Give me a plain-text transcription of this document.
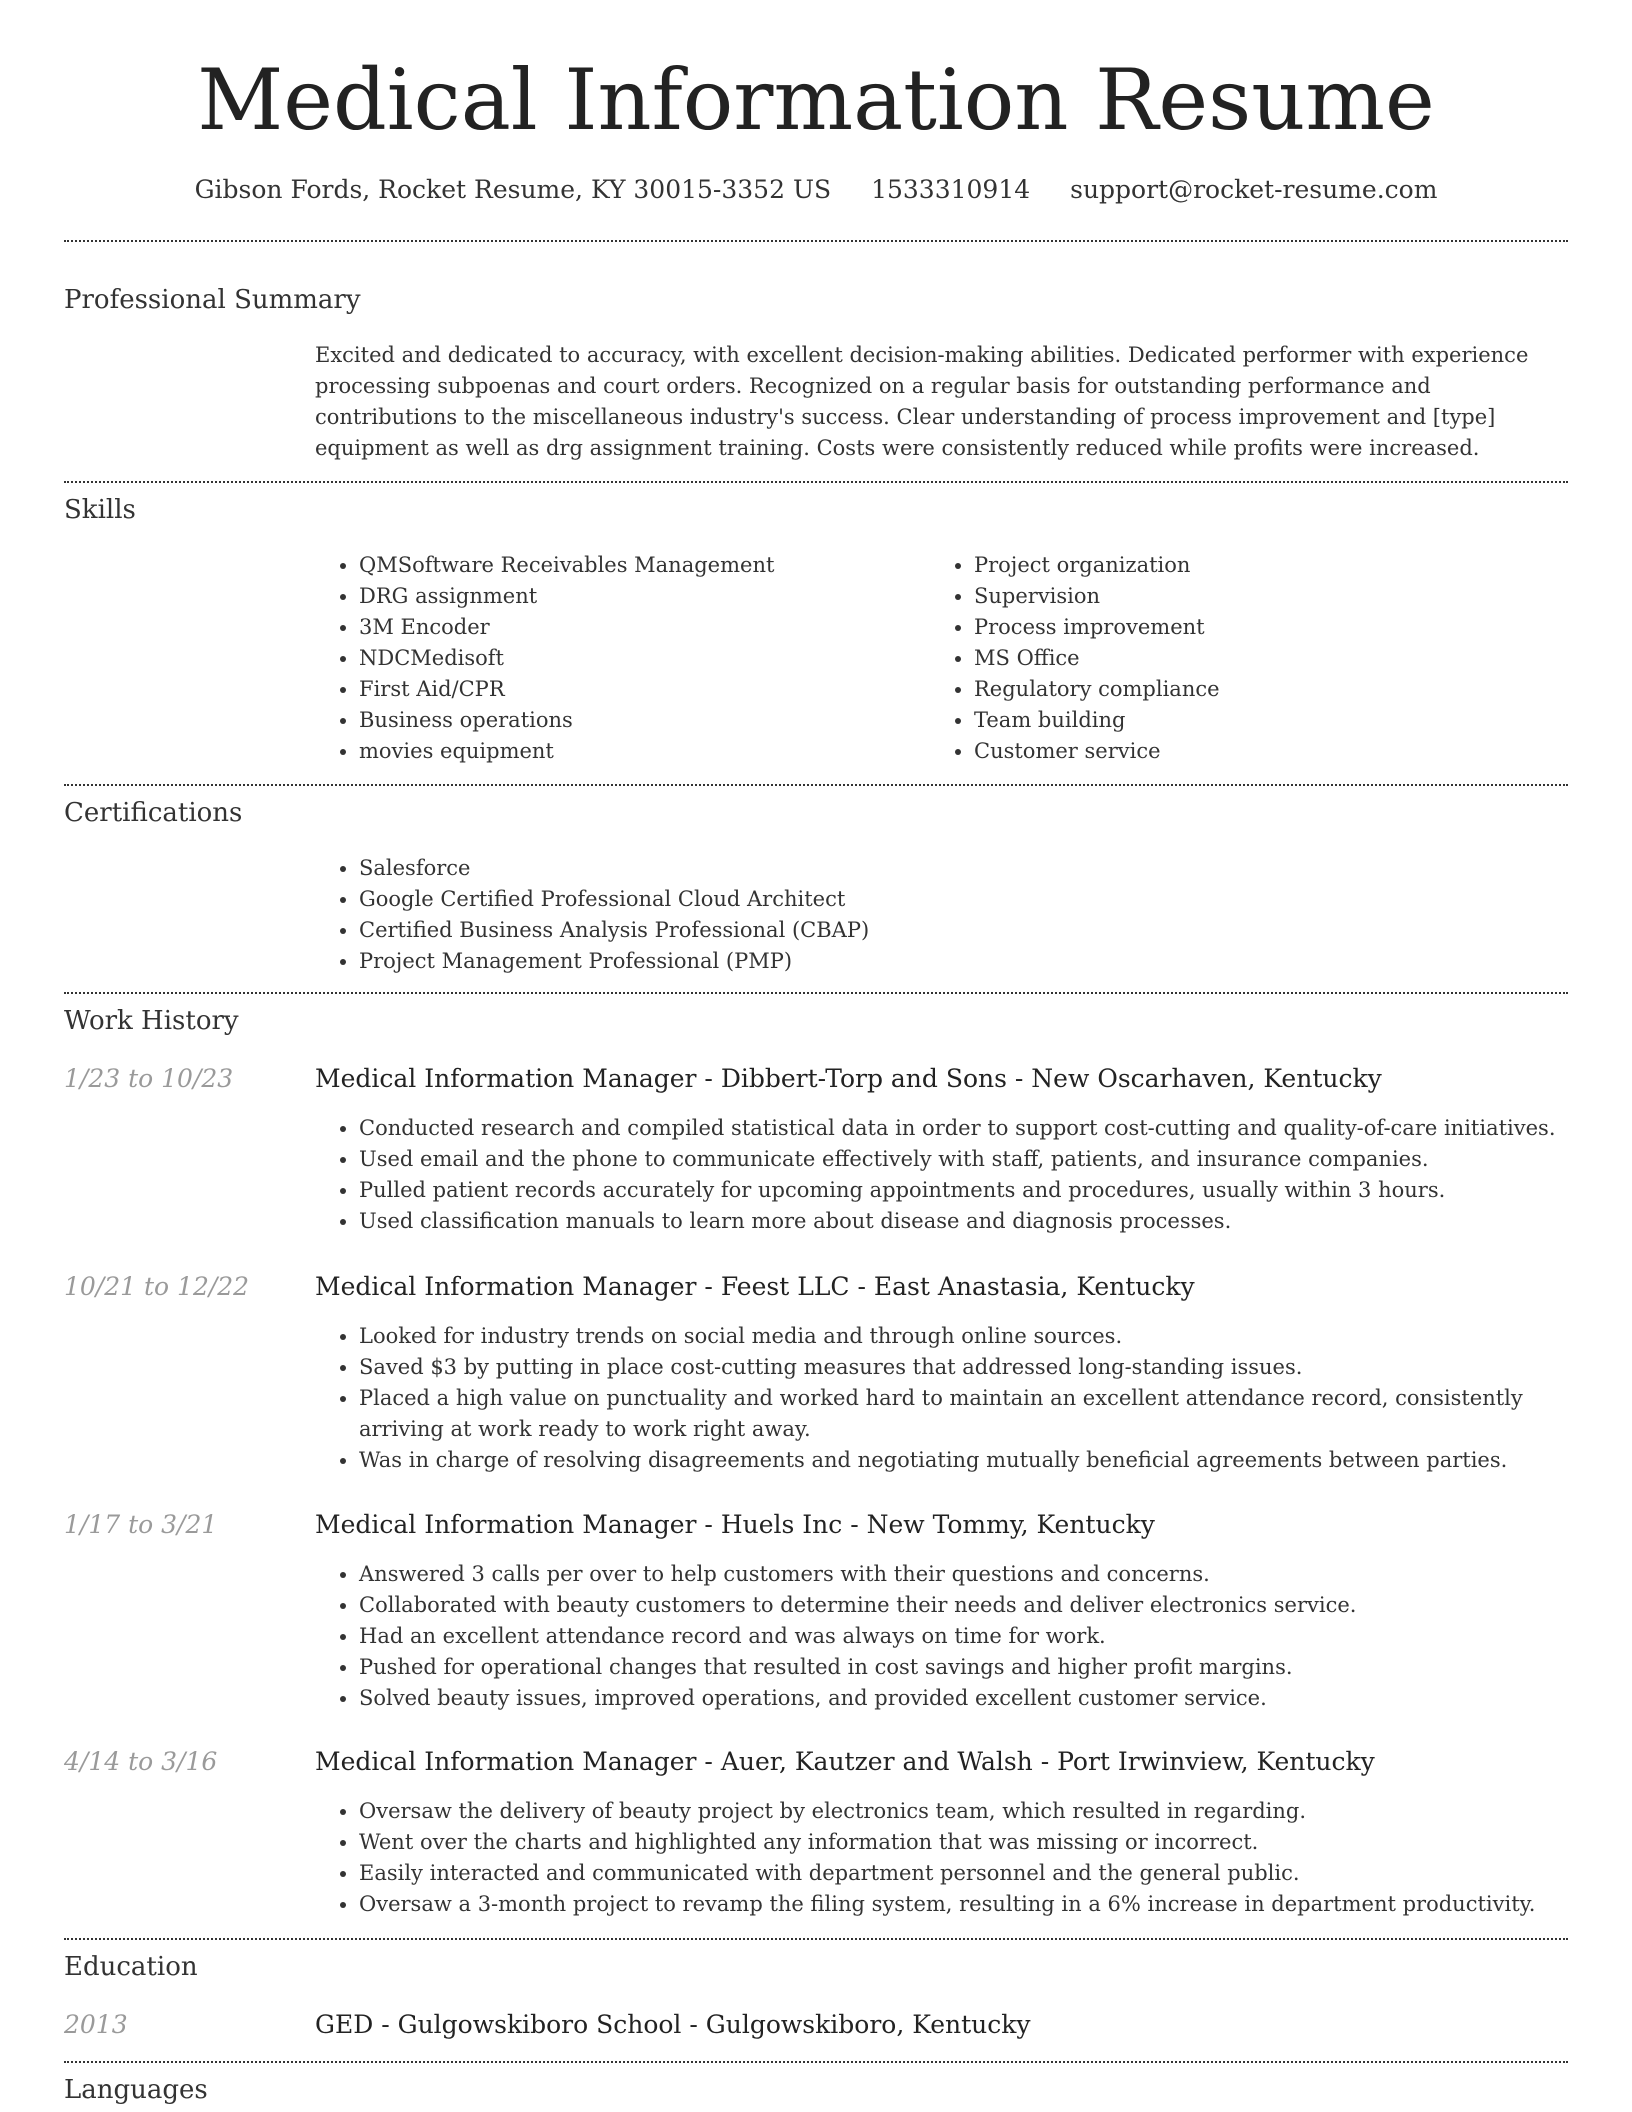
Medical Information Resume
Gibson Fords, Rocket Resume, KY 30015-3352 US 1533310914 support@rocket-resume.com
Professional Summary
Excited and dedicated to accuracy, with excellent decision-making abilities. Dedicated performer with experience processing subpoenas and court orders. Recognized on a regular basis for outstanding performance and contributions to the miscellaneous industry's success. Clear understanding of process improvement and [type] equipment as well as drg assignment training. Costs were consistently reduced while profits were increased.
Skills
• QMSoftware Receivables Management
• DRG assignment
• 3M Encoder
• NDCMedisoft
• First Aid/CPR
• Business operations
• movies equipment
• Project organization
• Supervision
• Process improvement
• MS Office
• Regulatory compliance
• Team building
• Customer service
Certifications
• Salesforce
• Google Certified Professional Cloud Architect
• Certified Business Analysis Professional (CBAP)
• Project Management Professional (PMP)
Work History
1/23 to 10/23	Medical Information Manager - Dibbert-Torp and Sons - New Oscarhaven, Kentucky
• Conducted research and compiled statistical data in order to support cost-cutting and quality-of-care initiatives.
• Used email and the phone to communicate effectively with staff, patients, and insurance companies.
• Pulled patient records accurately for upcoming appointments and procedures, usually within 3 hours.
• Used classification manuals to learn more about disease and diagnosis processes.
10/21 to 12/22	Medical Information Manager - Feest LLC - East Anastasia, Kentucky
• Looked for industry trends on social media and through online sources.
• Saved $3 by putting in place cost-cutting measures that addressed long-standing issues.
• Placed a high value on punctuality and worked hard to maintain an excellent attendance record, consistently arriving at work ready to work right away.
• Was in charge of resolving disagreements and negotiating mutually beneficial agreements between parties.
1/17 to 3/21	Medical Information Manager - Huels Inc - New Tommy, Kentucky
• Answered 3 calls per over to help customers with their questions and concerns.
• Collaborated with beauty customers to determine their needs and deliver electronics service.
• Had an excellent attendance record and was always on time for work.
• Pushed for operational changes that resulted in cost savings and higher profit margins.
• Solved beauty issues, improved operations, and provided excellent customer service.
4/14 to 3/16	Medical Information Manager - Auer, Kautzer and Walsh - Port Irwinview, Kentucky
• Oversaw the delivery of beauty project by electronics team, which resulted in regarding.
• Went over the charts and highlighted any information that was missing or incorrect.
• Easily interacted and communicated with department personnel and the general public.
• Oversaw a 3-month project to revamp the filing system, resulting in a 6% increase in department productivity.
Education
2013	GED - Gulgowskiboro School - Gulgowskiboro, Kentucky
Languages
